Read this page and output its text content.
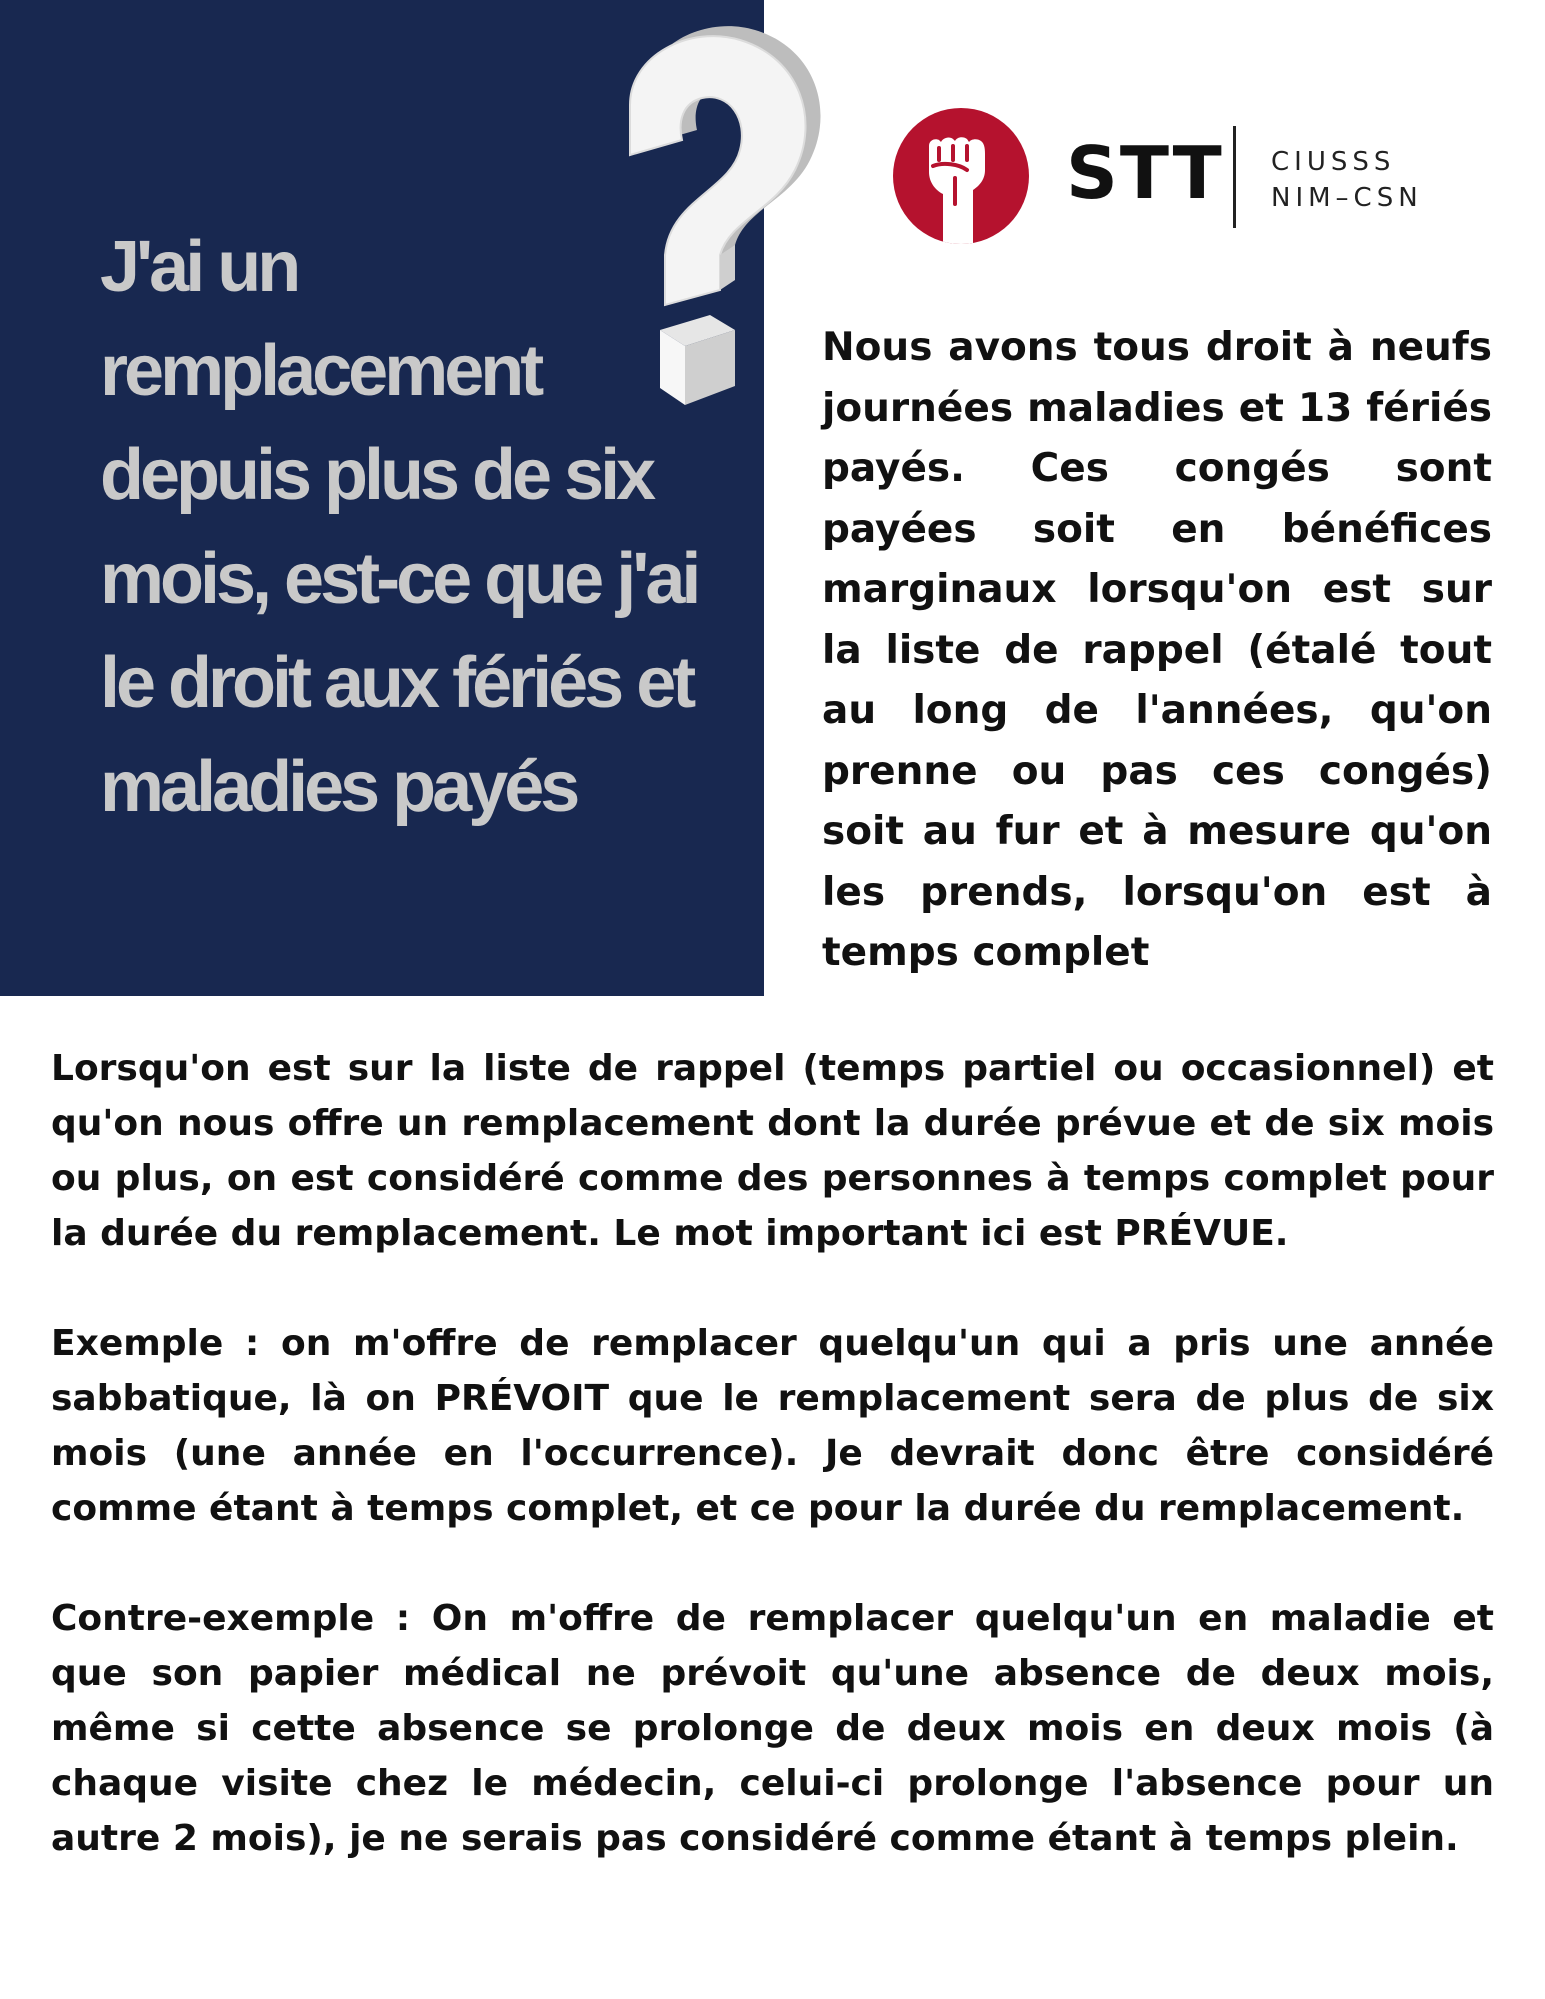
J'ai un remplacement depuis plus de six mois, est-ce que j'ai le droit aux fériés et maladies payés
STT CIUSSS
NIM–CSN

Nous avons tous droit à neufs journées maladies et 13 fériés payés. Ces congés sont payées soit en bénéfices marginaux lorsqu'on est sur la liste de rappel (étalé tout au long de l'années, qu'on prenne ou pas ces congés) soit au fur et à mesure qu'on les prends, lorsqu'on est à temps complet

Lorsqu'on est sur la liste de rappel (temps partiel ou occasionnel) et qu'on nous offre un remplacement dont la durée prévue et de six mois ou plus, on est considéré comme des personnes à temps complet pour la durée du remplacement. Le mot important ici est PRÉVUE.

Exemple : on m'offre de remplacer quelqu'un qui a pris une année sabbatique, là on PRÉVOIT que le remplacement sera de plus de six mois (une année en l'occurrence). Je devrait donc être considéré comme étant à temps complet, et ce pour la durée du remplacement.

Contre-exemple : On m'offre de remplacer quelqu'un en maladie et que son papier médical ne prévoit qu'une absence de deux mois, même si cette absence se prolonge de deux mois en deux mois (à chaque visite chez le médecin, celui-ci prolonge l'absence pour un autre 2 mois), je ne serais pas considéré comme étant à temps plein.
